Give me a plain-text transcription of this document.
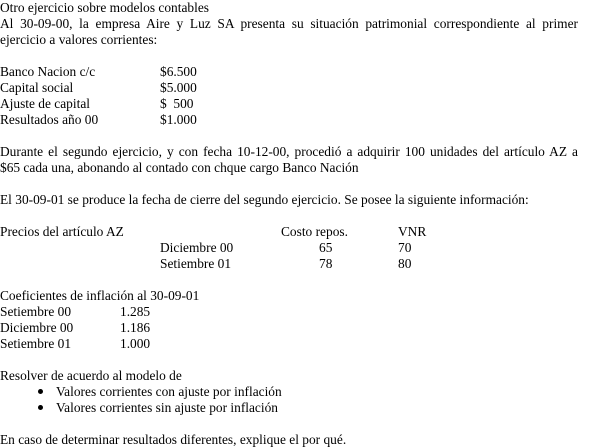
Otro ejercicio sobre modelos contables
Al 30-09-00, la empresa Aire y Luz SA presenta su situación patrimonial correspondiente al primer
ejercicio a valores corrientes:
Banco Nacion c/c	$6.500
Capital social	$5.000
Ajuste de capital	$  500
Resultados año 00	$1.000
Durante el segundo ejercicio, y con fecha 10-12-00, procedió a adquirir 100 unidades del artículo AZ a
$65 cada una, abonando al contado con chque cargo Banco Nación
El 30-09-01 se produce la fecha de cierre del segundo ejercicio. Se posee la siguiente información:
Precios del artículo AZ	Costo repos.	VNR
Diciembre 00	65	70
Setiembre 01	78	80
Coeficientes de inflación al 30-09-01
Setiembre 00	1.285
Diciembre 00	1.186
Setiembre 01	1.000
Resolver de acuerdo al modelo de
Valores corrientes con ajuste por inflación
Valores corrientes sin ajuste por inflación
En caso de determinar resultados diferentes, explique el por qué.
